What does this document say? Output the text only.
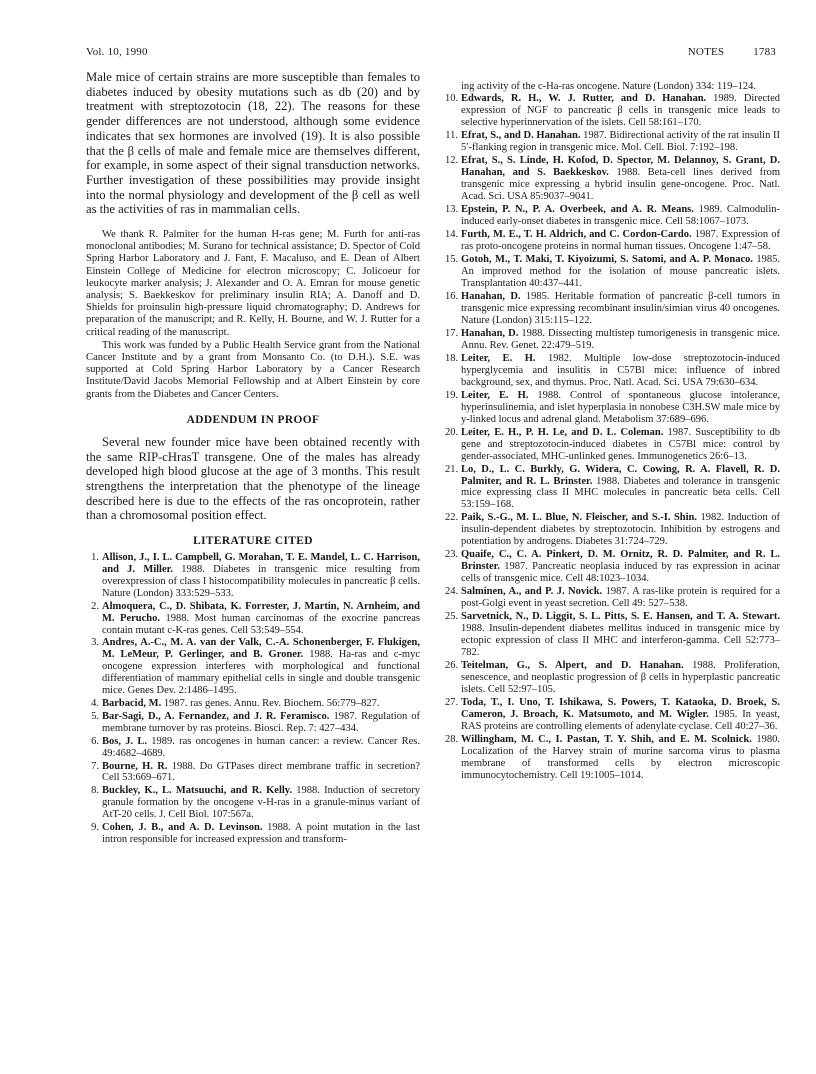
Vol. 10, 1990	NOTES	1783

Male mice of certain strains are more susceptible than females to diabetes induced by obesity mutations such as db (20) and by treatment with streptozotocin (18, 22). The reasons for these gender differences are not understood, although some evidence indicates that sex hormones are involved (19). It is also possible that the β cells of male and female mice are themselves different, for example, in some aspect of their signal transduction networks. Further investigation of these possibilities may provide insight into the normal physiology and development of the β cell as well as the activities of ras in mammalian cells.

We thank R. Palmiter for the human H-ras gene; M. Furth for anti-ras monoclonal antibodies; M. Surano for technical assistance; D. Spector of Cold Spring Harbor Laboratory and J. Fant, F. Macaluso, and E. Dean of Albert Einstein College of Medicine for electron microscopy; C. Jolicoeur for leukocyte marker analysis; J. Alexander and O. A. Emran for mouse genetic analysis; S. Baekkeskov for preliminary insulin RIA; A. Danoff and D. Shields for proinsulin high-pressure liquid chromatography; D. Andrews for preparation of the manuscript; and R. Kelly, H. Bourne, and W. J. Rutter for a critical reading of the manuscript.

This work was funded by a Public Health Service grant from the National Cancer Institute and by a grant from Monsanto Co. (to D.H.). S.E. was supported at Cold Spring Harbor Laboratory by a Cancer Research Institute/David Jacobs Memorial Fellowship and at Albert Einstein by core grants from the Diabetes and Cancer Centers.

ADDENDUM IN PROOF

Several new founder mice have been obtained recently with the same RIP-cHrasT transgene. One of the males has already developed high blood glucose at the age of 3 months. This result strengthens the interpretation that the phenotype of the lineage described here is due to the effects of the ras oncoprotein, rather than a chromosomal position effect.

LITERATURE CITED
1. Allison, J., I. L. Campbell, G. Morahan, T. E. Mandel, L. C. Harrison, and J. Miller. 1988. Diabetes in transgenic mice resulting from overexpression of class I histocompatibility molecules in pancreatic β cells. Nature (London) 333:529–533.
2. Almoquera, C., D. Shibata, K. Forrester, J. Martin, N. Arnheim, and M. Perucho. 1988. Most human carcinomas of the exocrine pancreas contain mutant c-K-ras genes. Cell 53:549–554.
3. Andres, A.-C., M. A. van der Valk, C.-A. Schonenberger, F. Flukigen, M. LeMeur, P. Gerlinger, and B. Groner. 1988. Ha-ras and c-myc oncogene expression interferes with morphological and functional differentiation of mammary epithelial cells in single and double transgenic mice. Genes Dev. 2:1486–1495.
4. Barbacid, M. 1987. ras genes. Annu. Rev. Biochem. 56:779–827.
5. Bar-Sagi, D., A. Fernandez, and J. R. Feramisco. 1987. Regulation of membrane turnover by ras proteins. Biosci. Rep. 7: 427–434.
6. Bos, J. L. 1989. ras oncogenes in human cancer: a review. Cancer Res. 49:4682–4689.
7. Bourne, H. R. 1988. Do GTPases direct membrane traffic in secretion? Cell 53:669–671.
8. Buckley, K., L. Matsuuchi, and R. Kelly. 1988. Induction of secretory granule formation by the oncogene v-H-ras in a granule-minus variant of AtT-20 cells. J. Cell Biol. 107:567a.
9. Cohen, J. B., and A. D. Levinson. 1988. A point mutation in the last intron responsible for increased expression and transform-

ing activity of the c-Ha-ras oncogene. Nature (London) 334: 119–124.

10. Edwards, R. H., W. J. Rutter, and D. Hanahan. 1989. Directed expression of NGF to pancreatic β cells in transgenic mice leads to selective hyperinnervation of the islets. Cell 58:161–170.
11. Efrat, S., and D. Hanahan. 1987. Bidirectional activity of the rat insulin II 5′-flanking region in transgenic mice. Mol. Cell. Biol. 7:192–198.
12. Efrat, S., S. Linde, H. Kofod, D. Spector, M. Delannoy, S. Grant, D. Hanahan, and S. Baekkeskov. 1988. Beta-cell lines derived from transgenic mice expressing a hybrid insulin gene-oncogene. Proc. Natl. Acad. Sci. USA 85:9037–9041.
13. Epstein, P. N., P. A. Overbeek, and A. R. Means. 1989. Calmodulin-induced early-onset diabetes in transgenic mice. Cell 58:1067–1073.
14. Furth, M. E., T. H. Aldrich, and C. Cordon-Cardo. 1987. Expression of ras proto-oncogene proteins in normal human tissues. Oncogene 1:47–58.
15. Gotoh, M., T. Maki, T. Kiyoizumi, S. Satomi, and A. P. Monaco. 1985. An improved method for the isolation of mouse pancreatic islets. Transplantation 40:437–441.
16. Hanahan, D. 1985. Heritable formation of pancreatic β-cell tumors in transgenic mice expressing recombinant insulin/simian virus 40 oncogenes. Nature (London) 315:115–122.
17. Hanahan, D. 1988. Dissecting multistep tumorigenesis in transgenic mice. Annu. Rev. Genet. 22:479–519.
18. Leiter, E. H. 1982. Multiple low-dose streptozotocin-induced hyperglycemia and insulitis in C57Bl mice: influence of inbred background, sex, and thymus. Proc. Natl. Acad. Sci. USA 79:630–634.
19. Leiter, E. H. 1988. Control of spontaneous glucose intolerance, hyperinsulinemia, and islet hyperplasia in nonobese C3H.SW male mice by y-linked locus and adrenal gland. Metabolism 37:689–696.
20. Leiter, E. H., P. H. Le, and D. L. Coleman. 1987. Susceptibility to db gene and streptozotocin-induced diabetes in C57Bl mice: control by gender-associated, MHC-unlinked genes. Immunogenetics 26:6–13.
21. Lo, D., L. C. Burkly, G. Widera, C. Cowing, R. A. Flavell, R. D. Palmiter, and R. L. Brinster. 1988. Diabetes and tolerance in transgenic mice expressing class II MHC molecules in pancreatic beta cells. Cell 53:159–168.
22. Paik, S.-G., M. L. Blue, N. Fleischer, and S.-I. Shin. 1982. Induction of insulin-dependent diabetes by streptozotocin. Inhibition by estrogens and potentiation by androgens. Diabetes 31:724–729.
23. Quaife, C., C. A. Pinkert, D. M. Ornitz, R. D. Palmiter, and R. L. Brinster. 1987. Pancreatic neoplasia induced by ras expression in acinar cells of transgenic mice. Cell 48:1023–1034.
24. Salminen, A., and P. J. Novick. 1987. A ras-like protein is required for a post-Golgi event in yeast secretion. Cell 49: 527–538.
25. Sarvetnick, N., D. Liggit, S. L. Pitts, S. E. Hansen, and T. A. Stewart. 1988. Insulin-dependent diabetes mellitus induced in transgenic mice by ectopic expression of class II MHC and interferon-gamma. Cell 52:773–782.
26. Teitelman, G., S. Alpert, and D. Hanahan. 1988. Proliferation, senescence, and neoplastic progression of β cells in hyperplastic pancreatic islets. Cell 52:97–105.
27. Toda, T., I. Uno, T. Ishikawa, S. Powers, T. Kataoka, D. Broek, S. Cameron, J. Broach, K. Matsumoto, and M. Wigler. 1985. In yeast, RAS proteins are controlling elements of adenylate cyclase. Cell 40:27–36.
28. Willingham, M. C., I. Pastan, T. Y. Shih, and E. M. Scolnick. 1980. Localization of the Harvey strain of murine sarcoma virus to plasma membrane of transformed cells by electron microscopic immunocytochemistry. Cell 19:1005–1014.
